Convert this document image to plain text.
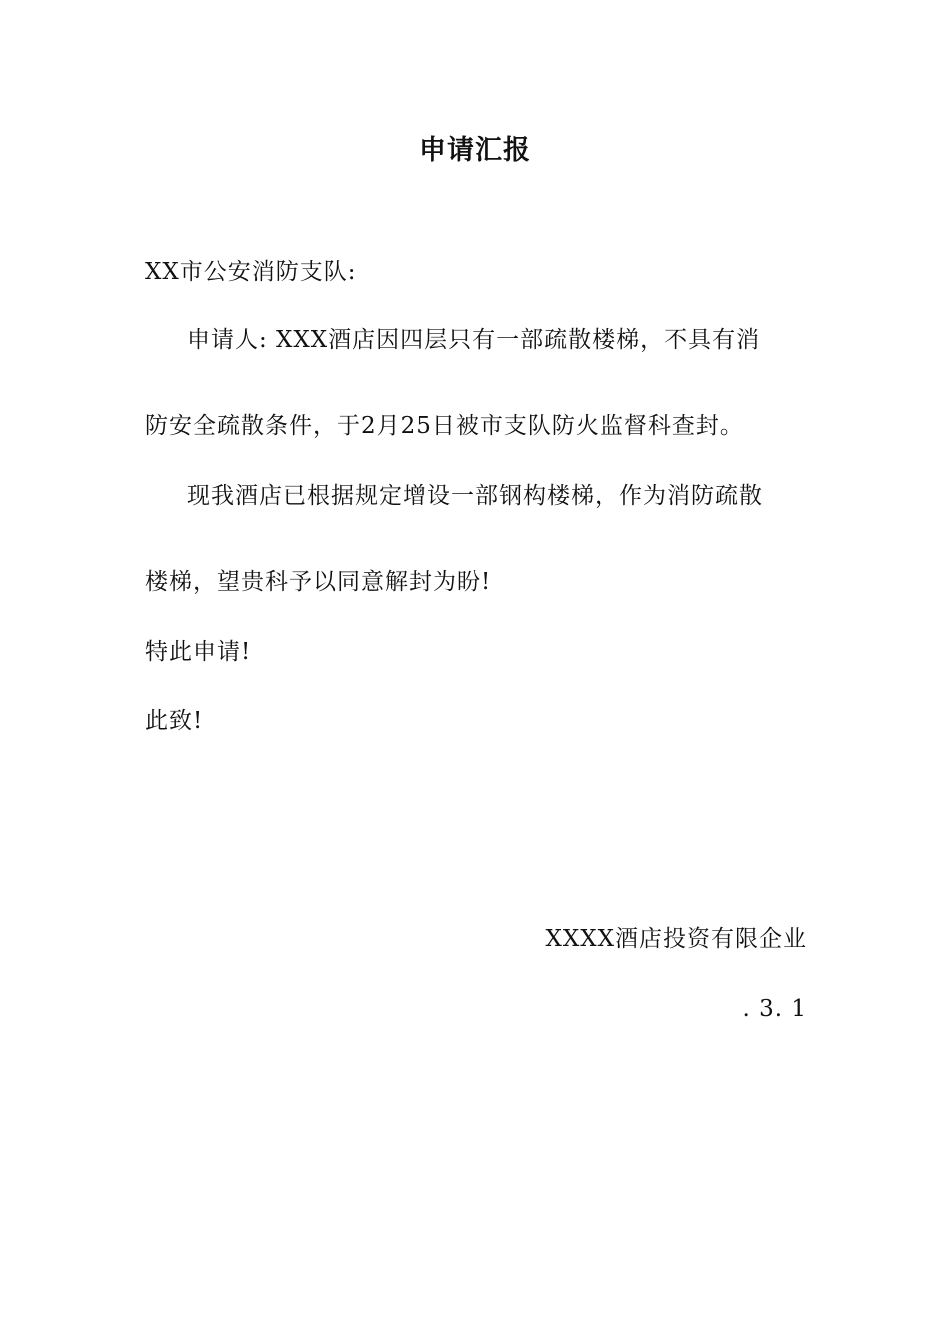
申请汇报
XX市公安消防支队:
申请人: XXX酒店因四层只有一部疏散楼梯，不具有消
防安全疏散条件，于2月25日被市支队防火监督科查封。
现我酒店已根据规定增设一部钢构楼梯，作为消防疏散
楼梯，望贵科予以同意解封为盼!
特此申请!
此致!
XXXX酒店投资有限企业
. 3. 1
